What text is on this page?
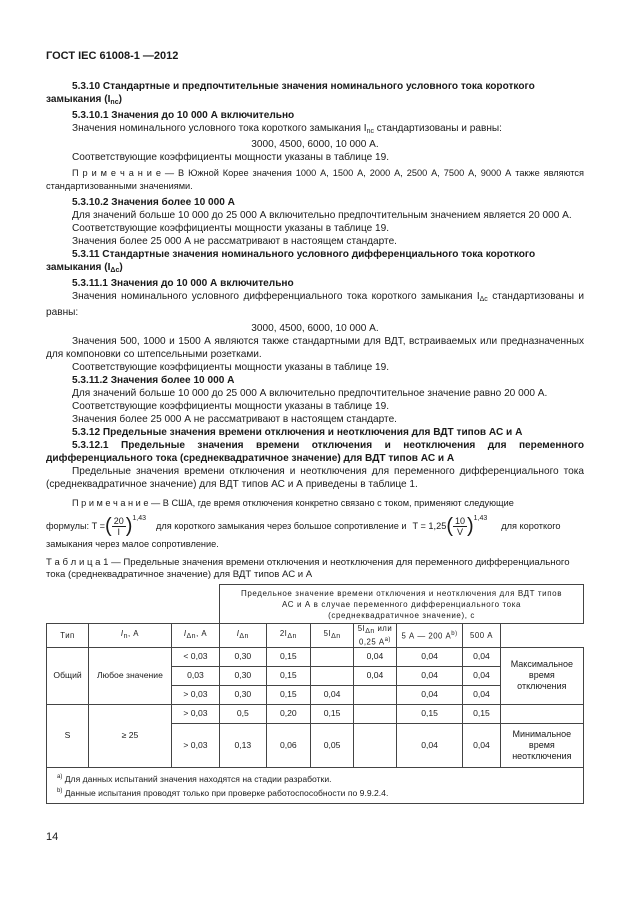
ГОСТ IEC 61008-1 —2012
5.3.10 Стандартные и предпочтительные значения номинального условного тока короткого замыкания $(I_{nc})$
5.3.10.1 Значения до 10 000 А включительно
Значения номинального условного тока короткого замыкания $I_{nc}$ стандартизованы и равны:
3000, 4500, 6000, 10 000 А.
Соответствующие коэффициенты мощности указаны в таблице 19.
П р и м е ч а н и е — В Южной Корее значения 1000 А, 1500 А, 2000 А, 2500 А, 7500 А, 9000 А также являются стандартизованными значениями.
5.3.10.2 Значения более 10 000 А
Для значений больше 10 000 до 25 000 А включительно предпочтительным значением является 20 000 А.
Соответствующие коэффициенты мощности указаны в таблице 19.
Значения более 25 000 А не рассматривают в настоящем стандарте.
5.3.11 Стандартные значения номинального условного дифференциального тока короткого замыкания $(I_{\Delta c})$
5.3.11.1 Значения до 10 000 А включительно
Значения номинального условного дифференциального тока короткого замыкания $I_{\Delta c}$ стандартизованы и равны:
3000, 4500, 6000, 10 000 А.
Значения 500, 1000 и 1500 А являются также стандартными для ВДТ, встраиваемых или предназначенных для компоновки со штепсельными розетками.
Соответствующие коэффициенты мощности указаны в таблице 19.
5.3.11.2 Значения более 10 000 А
Для значений больше 10 000 до 25 000 А включительно предпочтительное значение равно 20 000 А.
Соответствующие коэффициенты мощности указаны в таблице 19.
Значения более 25 000 А не рассматривают в настоящем стандарте.
5.3.12 Предельные значения времени отключения и неотключения для ВДТ типов АС и А
5.3.12.1 Предельные значения времени отключения и неотключения для переменного дифференциального тока (среднеквадратичное значение) для ВДТ типов АС и А
Предельные значения времени отключения и неотключения для переменного дифференциального тока (среднеквадратичное значение) для ВДТ типов АС и А приведены в таблице 1.
П р и м е ч а н и е — В США, где время отключения конкретно связано с током, применяют следующие
формулы: T = ( $\frac{20}{I}$ ) 1,43
для короткого замыкания через большое сопротивление и T = 1,25 ( $\frac{10}{V}$ ) 1,43
для короткого
замыкания через малое сопротивление.
Т а б л и ц а 1 — Предельные значения времени отключения и неотключения для переменного дифференциального тока (среднеквадратичное значение) для ВДТ типов АС и А
			Предельное значение времени отключения и неотключения для ВДТ типов АС и А в случае переменного дифференциального тока (среднеквадратичное значение), с						
Тип	In, А	IΔn, А	IΔn	2IΔn	5IΔn	5IΔn или 0,25 $А^{а)}$	5 А — 200 $А^{b)}$	500 А	
Общий	Любое значение	< 0,03	0,30	0,15		0,04	0,04	0,04	Максимальное время отключения
		0,03	0,30	0,15		0,04	0,04	0,04	
		> 0,03	0,30	0,15	0,04		0,04	0,04	
S	≥ 25	> 0,03	0,5	0,20	0,15		0,15	0,15	
		> 0,03	0,13	0,06	0,05		0,04	0,04	Минимальное время неотключения

$^{а)}$ Для данных испытаний значения находятся на стадии разработки.
$^{b)}$ Данные испытания проводят только при проверке работоспособности по 9.9.2.4.									
14
